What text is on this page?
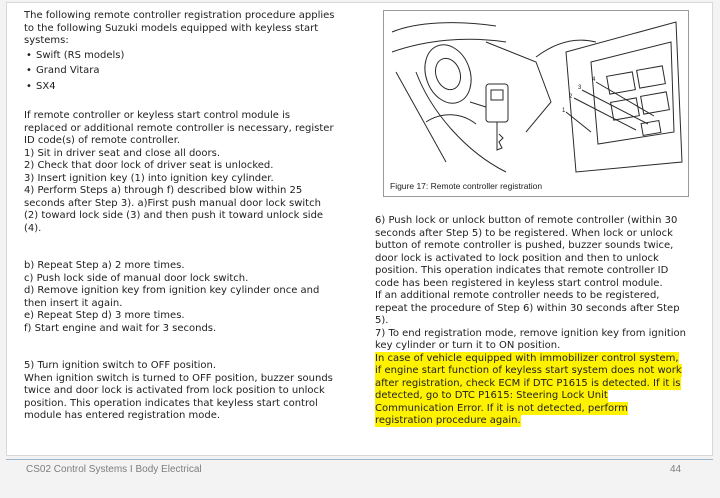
The following remote controller registration procedure applies to the following Suzuki models equipped with keyless start systems:

• Swift (RS models)
• Grand Vitara
• SX4

If remote controller or keyless start control module is replaced or additional remote controller is necessary, register ID code(s) of remote controller.

1) Sit in driver seat and close all doors.

2) Check that door lock of driver seat is unlocked.

3) Insert ignition key (1) into ignition key cylinder.

4) Perform Steps a) through f) described blow within 25 seconds after Step 3). a)First push manual door lock switch (2) toward lock side (3) and then push it toward unlock side (4).

b) Repeat Step a) 2 more times.

c) Push lock side of manual door lock switch.

d) Remove ignition key from ignition key cylinder once and then insert it again.

e) Repeat Step d) 3 more times.

f) Start engine and wait for 3 seconds.

5) Turn ignition switch to OFF position.

When ignition switch is turned to OFF position, buzzer sounds twice and door lock is activated from lock position to unlock position. This operation indicates that keyless start control module has entered registration mode.

1
2
3
4
Figure 17: Remote controller registration

6) Push lock or unlock button of remote controller (within 30 seconds after Step 5) to be registered. When lock or unlock button of remote controller is pushed, buzzer sounds twice, door lock is activated to lock position and then to unlock position. This operation indicates that remote controller ID code has been registered in keyless start control module.

If an additional remote controller needs to be registered, repeat the procedure of Step 6) within 30 seconds after Step 5).

7) To end registration mode, remove ignition key from ignition key cylinder or turn it to ON position.

In case of vehicle equipped with immobilizer control system, if engine start function of keyless start system does not work after registration, check ECM if DTC P1615 is detected. If it is detected, go to DTC P1615: Steering Lock Unit Communication Error. If it is not detected, perform registration procedure again.

CS02 Control Systems I Body Electrical	44
